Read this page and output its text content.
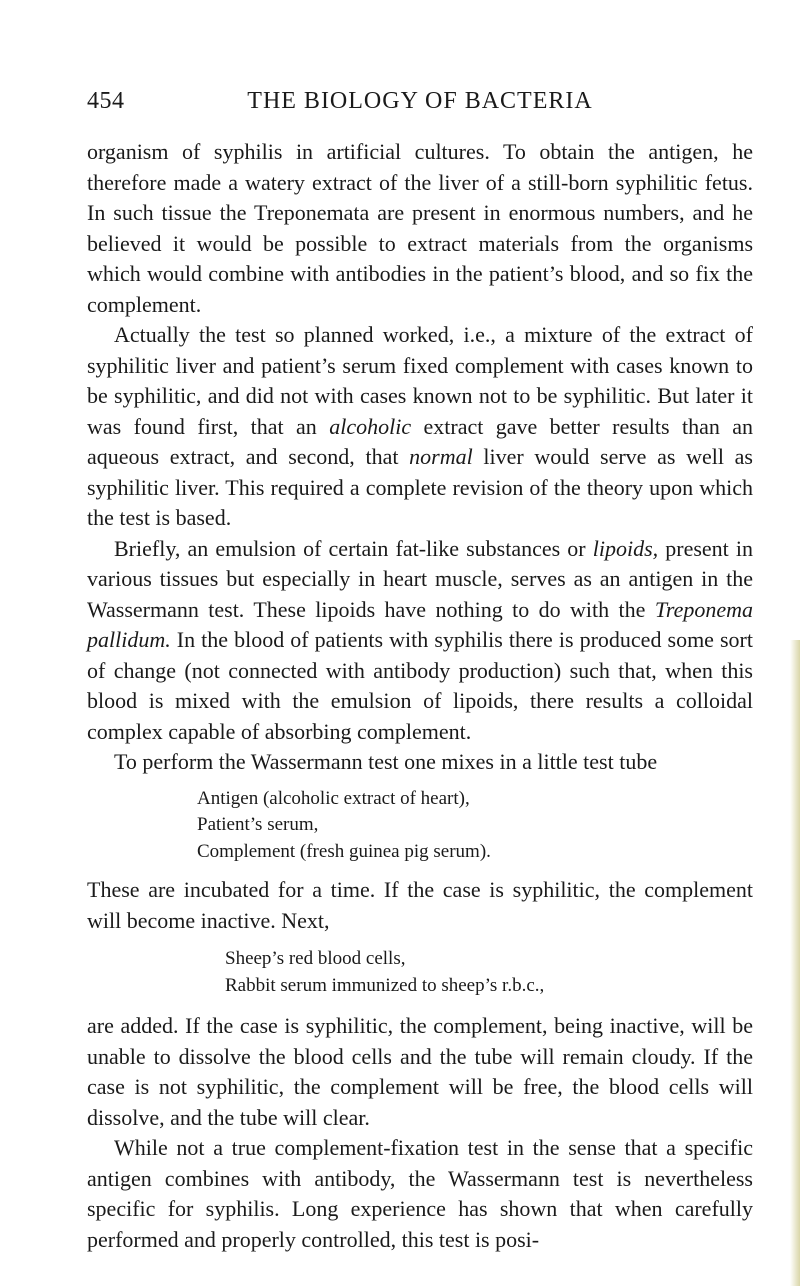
454	THE BIOLOGY OF BACTERIA

organism of syphilis in artificial cultures. To obtain the antigen, he therefore made a watery extract of the liver of a still-born syphilitic fetus. In such tissue the Treponemata are present in enormous numbers, and he believed it would be possible to extract materials from the organisms which would combine with antibodies in the patient’s blood, and so fix the complement.

Actually the test so planned worked, i.e., a mixture of the extract of syphilitic liver and patient’s serum fixed complement with cases known to be syphilitic, and did not with cases known not to be syphilitic. But later it was found first, that an alcoholic extract gave better results than an aqueous extract, and second, that normal liver would serve as well as syphilitic liver. This required a complete revision of the theory upon which the test is based.

Briefly, an emulsion of certain fat-like substances or lipoids, present in various tissues but especially in heart muscle, serves as an antigen in the Wassermann test. These lipoids have nothing to do with the Treponema pallidum. In the blood of patients with syphilis there is produced some sort of change (not connected with antibody production) such that, when this blood is mixed with the emulsion of lipoids, there results a colloidal complex capable of absorbing complement.

To perform the Wassermann test one mixes in a little test tube

Antigen (alcoholic extract of heart),
Patient’s serum,
Complement (fresh guinea pig serum).

These are incubated for a time. If the case is syphilitic, the complement will become inactive. Next,

Sheep’s red blood cells,
Rabbit serum immunized to sheep’s r.b.c.,

are added. If the case is syphilitic, the complement, being inactive, will be unable to dissolve the blood cells and the tube will remain cloudy. If the case is not syphilitic, the complement will be free, the blood cells will dissolve, and the tube will clear.

While not a true complement-fixation test in the sense that a specific antigen combines with antibody, the Wassermann test is nevertheless specific for syphilis. Long experience has shown that when carefully performed and properly controlled, this test is posi-
